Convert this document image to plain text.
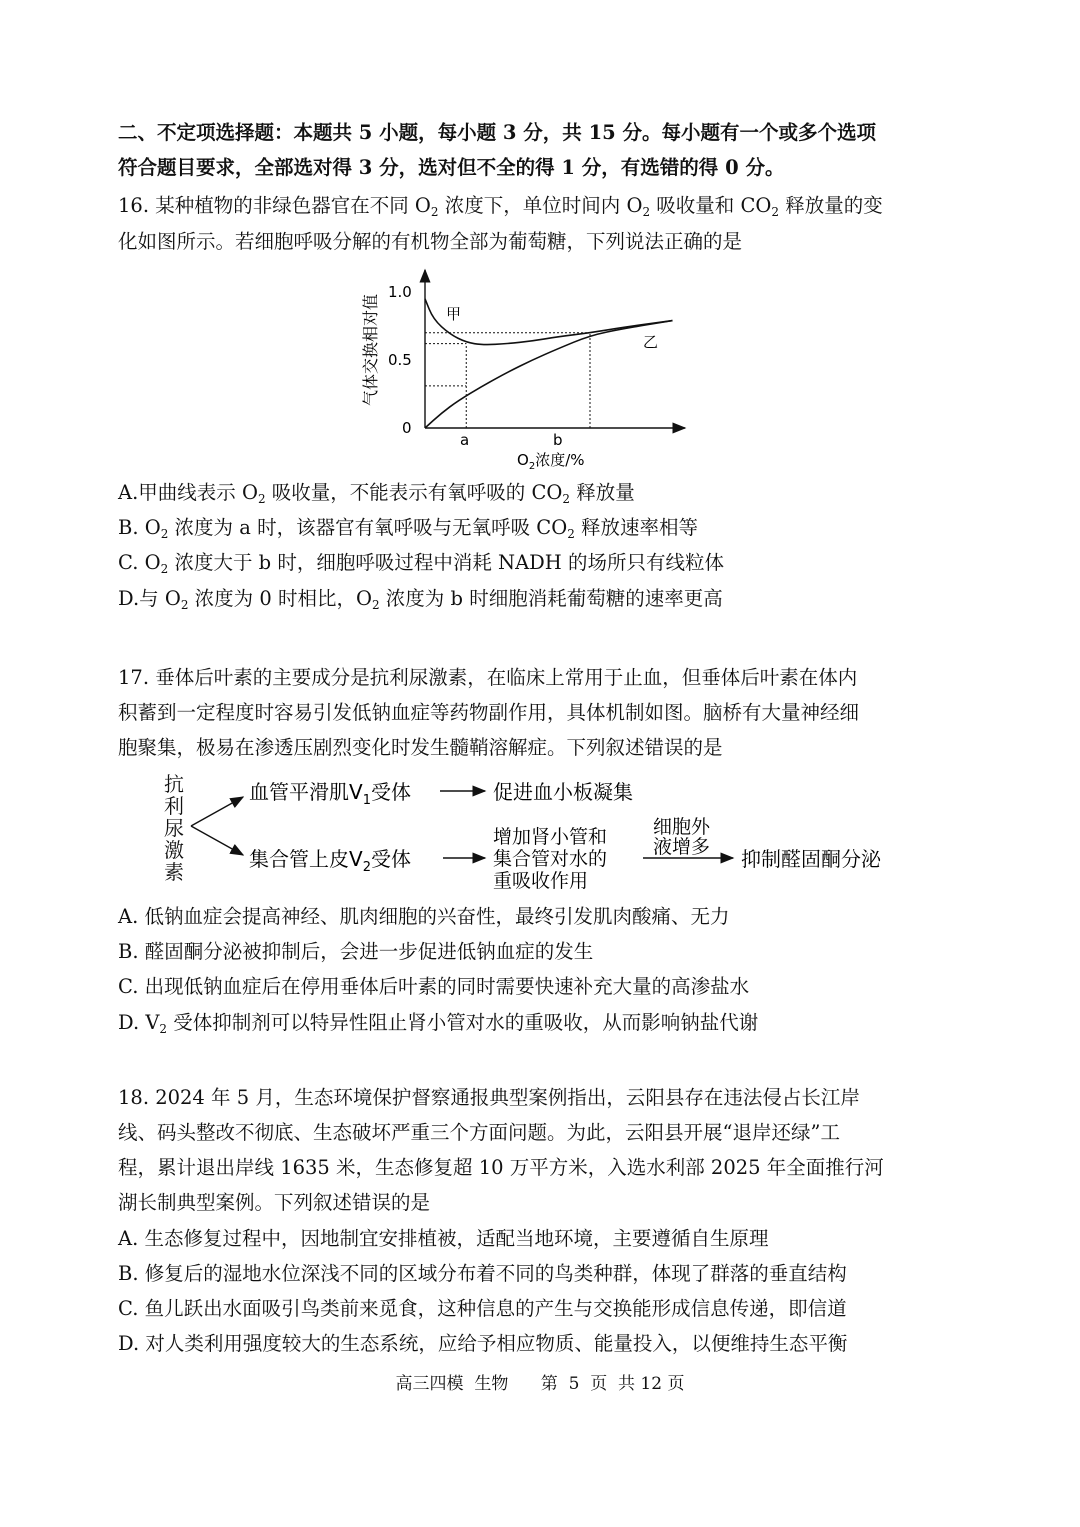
二、不定项选择题：本题共 5 小题，每小题 3 分，共 15 分。每小题有一个或多个选项
符合题目要求，全部选对得 3 分，选对但不全的得 1 分，有选错的得 0 分。
16. 某种植物的非绿色器官在不同 $O_2$ 浓度下，单位时间内 $O_2$ 吸收量和 $CO_2$ 释放量的变
化如图所示。若细胞呼吸分解的有机物全部为葡萄糖，下列说法正确的是
1.0
0.5
0
气体交换相对值	甲
乙
a	b
$O_2$浓度/%
A.甲曲线表示 $O_2$ 吸收量，不能表示有氧呼吸的 $CO_2$ 释放量
B. $O_2$ 浓度为 a 时，该器官有氧呼吸与无氧呼吸 $CO_2$ 释放速率相等
C. $O_2$ 浓度大于 b 时，细胞呼吸过程中消耗 NADH 的场所只有线粒体
D.与 $O_2$ 浓度为 0 时相比，$O_2$ 浓度为 b 时细胞消耗葡萄糖的速率更高
17. 垂体后叶素的主要成分是抗利尿激素，在临床上常用于止血，但垂体后叶素在体内
积蓄到一定程度时容易引发低钠血症等药物副作用，具体机制如图。脑桥有大量神经细
胞聚集，极易在渗透压剧烈变化时发生髓鞘溶解症。下列叙述错误的是
抗
利
尿
激
素
血管平滑肌$V_1$受体	促进血小板凝集
集合管上皮$V_2$受体
增加肾小管和
集合管对水的
重吸收作用
细胞外
液增多 抑制醛固酮分泌
A. 低钠血症会提高神经、肌肉细胞的兴奋性，最终引发肌肉酸痛、无力
B. 醛固酮分泌被抑制后，会进一步促进低钠血症的发生
C. 出现低钠血症后在停用垂体后叶素的同时需要快速补充大量的高渗盐水
D. $V_2$ 受体抑制剂可以特异性阻止肾小管对水的重吸收，从而影响钠盐代谢
18. 2024 年 5 月，生态环境保护督察通报典型案例指出，云阳县存在违法侵占长江岸
线、码头整改不彻底、生态破坏严重三个方面问题。为此，云阳县开展“退岸还绿”工
程，累计退出岸线 1635 米，生态修复超 10 万平方米，入选水利部 2025 年全面推行河
湖长制典型案例。下列叙述错误的是
A. 生态修复过程中，因地制宜安排植被，适配当地环境，主要遵循自生原理
B. 修复后的湿地水位深浅不同的区域分布着不同的鸟类种群，体现了群落的垂直结构
C. 鱼儿跃出水面吸引鸟类前来觅食，这种信息的产生与交换能形成信息传递，即信道
D. 对人类利用强度较大的生态系统，应给予相应物质、能量投入，以便维持生态平衡
高三四模  生物      第  5  页  共 12 页
